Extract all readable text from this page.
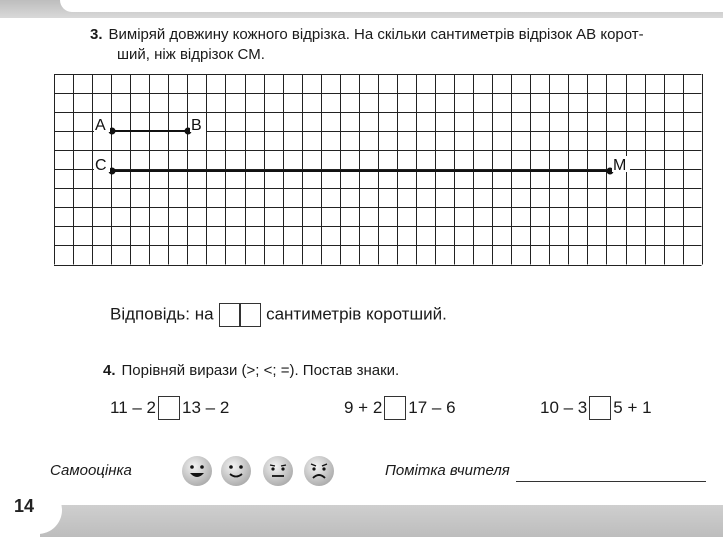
3. Виміряй довжину кожного відрізка. На скільки сантиметрів відрізок AB корот-
ший, ніж відрізок CM.
A	B
C	M
Відповідь: на	сантиметрів коротший.
4. Порівняй вирази (>; <; =). Постав знаки.
11 – 2 13 – 2	9 + 2 17 – 6	10 – 3 5 + 1
Самооцінка	Помітка вчителя
14
